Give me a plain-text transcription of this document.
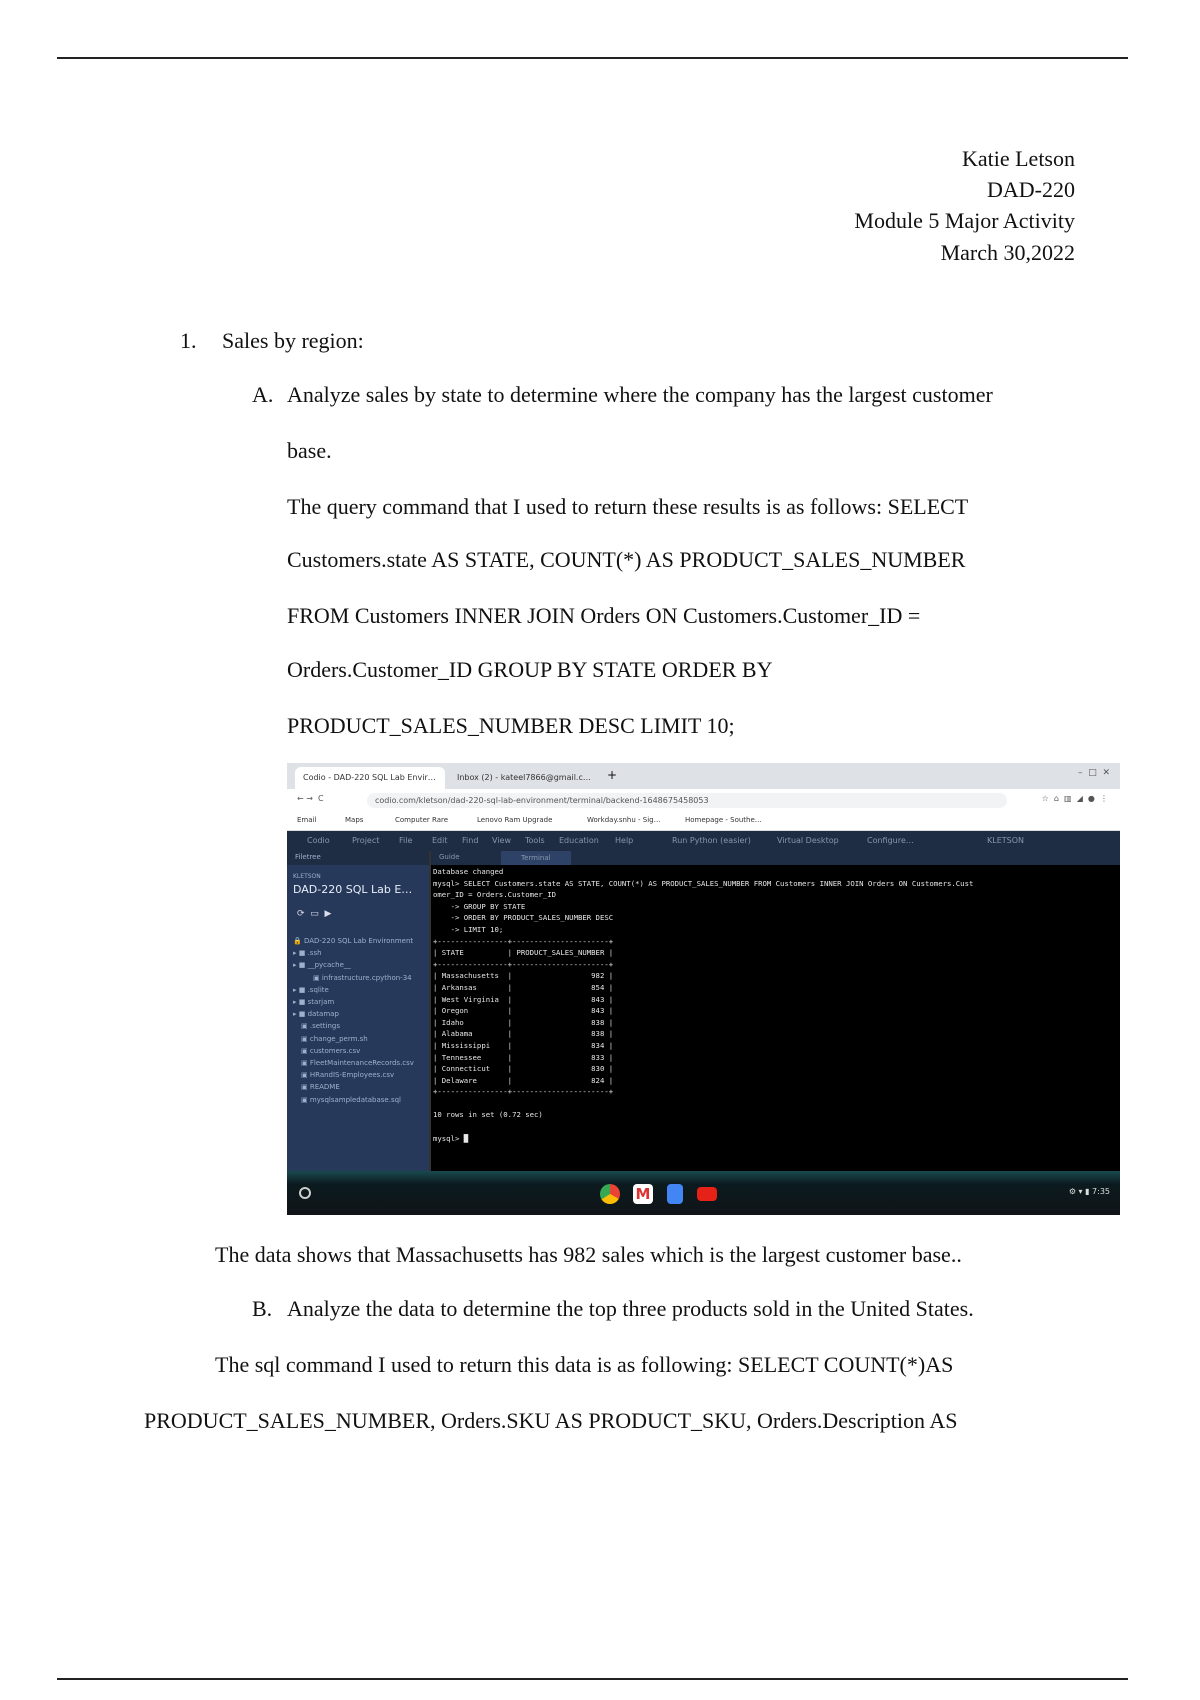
Katie Letson
DAD-220
Module 5 Major Activity
March 30,2022
1. Sales by region:
A. Analyze sales by state to determine where the company has the largest customer
base.
The query command that I used to return these results is as follows: SELECT
Customers.state AS STATE, COUNT(*) AS PRODUCT_SALES_NUMBER
FROM Customers INNER JOIN Orders ON Customers.Customer_ID =
Orders.Customer_ID GROUP BY STATE ORDER BY
PRODUCT_SALES_NUMBER DESC LIMIT 10;
Codio - DAD-220 SQL Lab Envir…	Inbox (2) - kateel7866@gmail.c…	+	–  □  ✕
← →  C	codio.com/kletson/dad-220-sql-lab-environment/terminal/backend-1648675458053	☆  ⌂  ▥  ◢  ●  ⋮
Email	Maps	Computer Rare	Lenovo Ram Upgrade	Workday.snhu - Sig…	Homepage - Southe…
Codio	Project File Edit Find View Tools Education Help	Run Python (easier)	Virtual Desktop	Configure…	KLETSON
Filetree
KLETSON
DAD-220 SQL Lab E…
⟳  ▭  ▶
🔒 DAD-220 SQL Lab Environment
▸ ■ .ssh
▸ ■ __pycache__
▣ infrastructure.cpython-34
▸ ■ .sqlite
▸ ■ starjam
▸ ■ datamap
▣ .settings
▣ change_perm.sh
▣ customers.csv
▣ FleetMaintenanceRecords.csv
▣ HRandIS-Employees.csv
▣ README
▣ mysqlsampledatabase.sql
Guide	Terminal
Database changed
mysql> SELECT Customers.state AS STATE, COUNT(*) AS PRODUCT_SALES_NUMBER FROM Customers INNER JOIN Orders ON Customers.Cust
omer_ID = Orders.Customer_ID
-> GROUP BY STATE
-> ORDER BY PRODUCT_SALES_NUMBER DESC
-> LIMIT 10;
+----------------+----------------------+
| STATE          | PRODUCT_SALES_NUMBER |
+----------------+----------------------+
| Massachusetts  |                  982 |
| Arkansas       |                  854 |
| West Virginia  |                  843 |
| Oregon         |                  843 |
| Idaho          |                  838 |
| Alabama        |                  838 |
| Mississippi    |                  834 |
| Tennessee      |                  833 |
| Connecticut    |                  830 |
| Delaware       |                  824 |
+----------------+----------------------+

10 rows in set (0.72 sec)

mysql> █
M	⚙ ▾ ▮ 7:35
The data shows that Massachusetts has 982 sales which is the largest customer base..
B. Analyze the data to determine the top three products sold in the United States.
The sql command I used to return this data is as following: SELECT COUNT(*)AS
PRODUCT_SALES_NUMBER, Orders.SKU AS PRODUCT_SKU, Orders.Description AS
